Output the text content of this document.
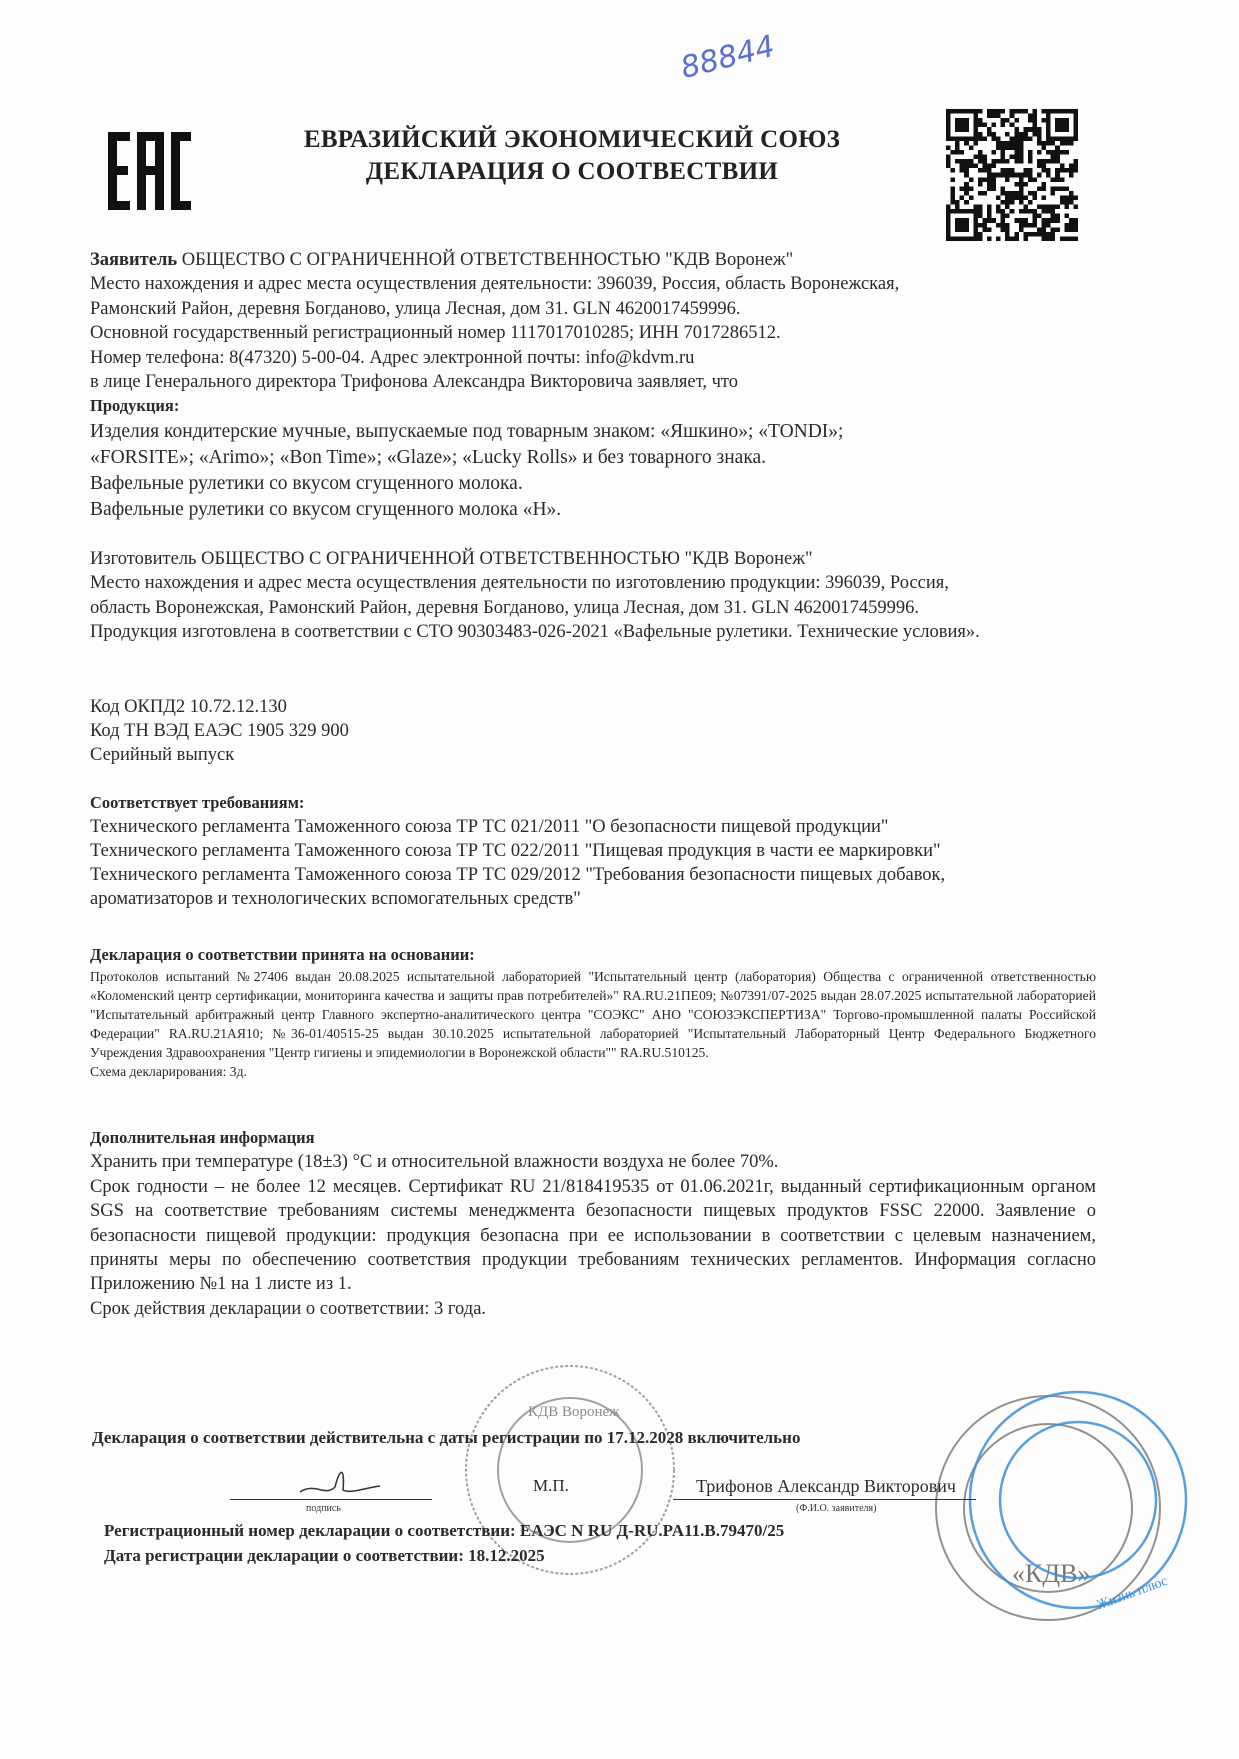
88844
ЕВРАЗИЙСКИЙ ЭКОНОМИЧЕСКИЙ СОЮЗ
ДЕКЛАРАЦИЯ О СООТВЕСТВИИ
Заявитель ОБЩЕСТВО С ОГРАНИЧЕННОЙ ОТВЕТСТВЕННОСТЬЮ "КДВ Воронеж"
Место нахождения и адрес места осуществления деятельности: 396039, Россия, область Воронежская,
Рамонский Район, деревня Богданово, улица Лесная, дом 31. GLN 4620017459996.
Основной государственный регистрационный номер 1117017010285; ИНН 7017286512.
Номер телефона: 8(47320) 5-00-04. Адрес электронной почты: info@kdvm.ru
в лице Генерального директора Трифонова Александра Викторовича заявляет, что
Продукция:
Изделия кондитерские мучные, выпускаемые под товарным знаком: «Яшкино»; «TONDI»;
«FORSITE»; «Arimo»; «Bon Time»; «Glaze»; «Lucky Rolls» и без товарного знака.
Вафельные рулетики со вкусом сгущенного молока.
Вафельные рулетики со вкусом сгущенного молока «Н».
Изготовитель ОБЩЕСТВО С ОГРАНИЧЕННОЙ ОТВЕТСТВЕННОСТЬЮ "КДВ Воронеж"
Место нахождения и адрес места осуществления деятельности по изготовлению продукции: 396039, Россия,
область Воронежская, Рамонский Район, деревня Богданово, улица Лесная, дом 31. GLN 4620017459996.
Продукция изготовлена в соответствии с СТО 90303483-026-2021 «Вафельные рулетики. Технические условия».
Код ОКПД2 10.72.12.130
Код ТН ВЭД ЕАЭС 1905 329 900
Серийный выпуск
Соответствует требованиям:
Технического регламента Таможенного союза ТР ТС 021/2011 "О безопасности пищевой продукции"
Технического регламента Таможенного союза ТР ТС 022/2011 "Пищевая продукция в части ее маркировки"
Технического регламента Таможенного союза ТР ТС 029/2012 "Требования безопасности пищевых добавок,
ароматизаторов и технологических вспомогательных средств"
Декларация о соответствии принята на основании:
Протоколов испытаний №27406 выдан 20.08.2025 испытательной лабораторией "Испытательный центр (лаборатория) Общества с ограниченной ответственностью «Коломенский центр сертификации, мониторинга качества и защиты прав потребителей»" RA.RU.21ПЕ09; №07391/07-2025 выдан 28.07.2025 испытательной лабораторией "Испытательный арбитражный центр Главного экспертно-аналитического центра "СОЭКС" АНО "СОЮЗЭКСПЕРТИЗА" Торгово-промышленной палаты Российской Федерации" RA.RU.21АЯ10; №36-01/40515-25 выдан 30.10.2025 испытательной лабораторией "Испытательный Лабораторный Центр Федерального Бюджетного Учреждения Здравоохранения "Центр гигиены и эпидемиологии в Воронежской области"" RA.RU.510125.
Схема декларирования: 3д.
Дополнительная информация
Хранить при температуре (18±3) °С и относительной влажности воздуха не более 70%.
Срок годности – не более 12 месяцев. Сертификат RU 21/818419535 от 01.06.2021г, выданный сертификационным органом SGS на соответствие требованиям системы менеджмента безопасности пищевых продуктов FSSC 22000. Заявление о безопасности пищевой продукции: продукция безопасна при ее использовании в соответствии с целевым назначением, приняты меры по обеспечению соответствия продукции требованиям технических регламентов. Информация согласно Приложению №1 на 1 листе из 1.
Срок действия декларации о соответствии: 3 года.
КДВ Воронеж
«КДВ»
Жизнь плюс
Декларация о соответствии действительна с даты регистрации по 17.12.2028 включительно
подпись
М.П.	Трифонов Александр Викторович
(Ф.И.О. заявителя)
Регистрационный номер декларации о соответствии: ЕАЭС N RU Д-RU.PA11.B.79470/25
Дата регистрации декларации о соответствии: 18.12.2025
